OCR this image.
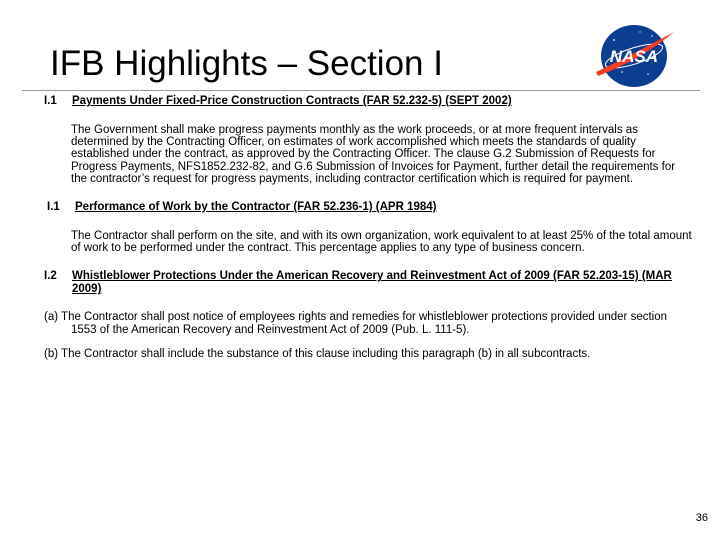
IFB Highlights – Section I	NASA
I.1 Payments Under Fixed-Price Construction Contracts (FAR 52.232-5) (SEPT 2002)
The Government shall make progress payments monthly as the work proceeds, or at more frequent intervals as determined by the Contracting Officer, on estimates of work accomplished which meets the standards of quality established under the contract, as approved by the Contracting Officer. The clause G.2 Submission of Requests for Progress Payments, NFS1852.232-82, and G.6 Submission of Invoices for Payment, further detail the requirements for the contractor’s request for progress payments, including contractor certification which is required for payment.
I.1 Performance of Work by the Contractor (FAR 52.236-1) (APR 1984)
The Contractor shall perform on the site, and with its own organization, work equivalent to at least 25% of the total amount of work to be performed under the contract. This percentage applies to any type of business concern.
I.2 Whistleblower Protections Under the American Recovery and Reinvestment Act of 2009 (FAR 52.203-15) (MAR 2009)
(a) The Contractor shall post notice of employees rights and remedies for whistleblower protections provided under section 1553 of the American Recovery and Reinvestment Act of 2009 (Pub. L. 111-5).
(b) The Contractor shall include the substance of this clause including this paragraph (b) in all subcontracts.
36
